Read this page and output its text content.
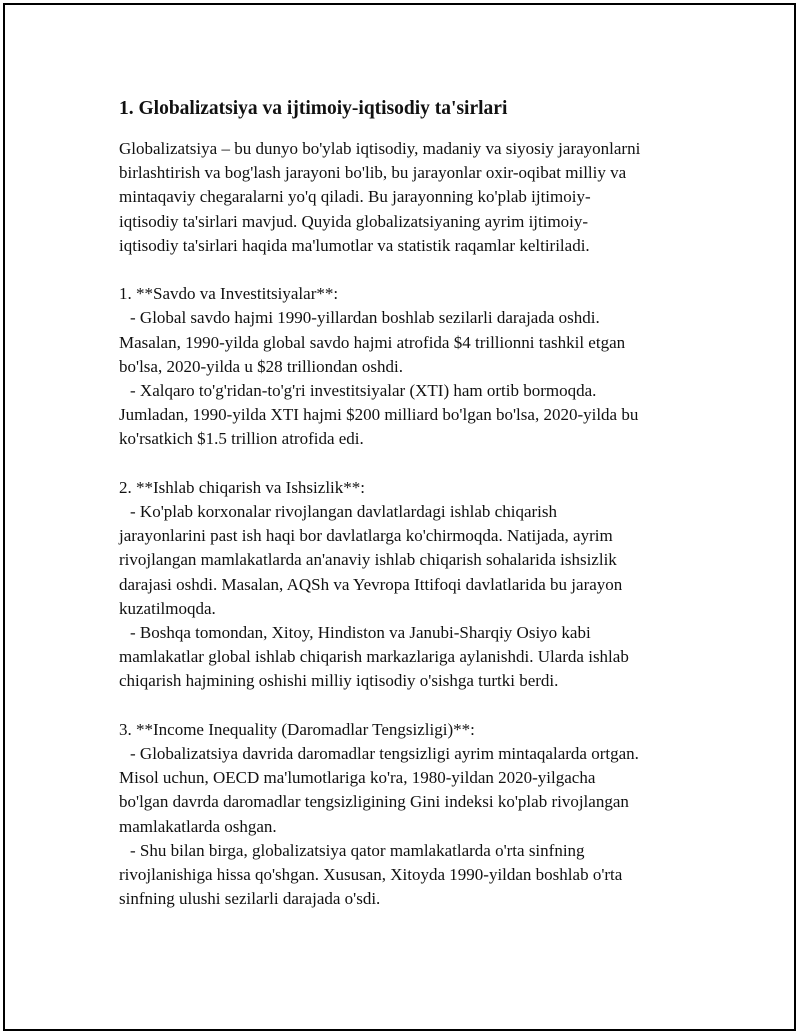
1. Globalizatsiya va ijtimoiy-iqtisodiy ta'sirlari
Globalizatsiya – bu dunyo bo'ylab iqtisodiy, madaniy va siyosiy jarayonlarni
birlashtirish va bog'lash jarayoni bo'lib, bu jarayonlar oxir-oqibat milliy va
mintaqaviy chegaralarni yo'q qiladi. Bu jarayonning ko'plab ijtimoiy-
iqtisodiy ta'sirlari mavjud. Quyida globalizatsiyaning ayrim ijtimoiy-
iqtisodiy ta'sirlari haqida ma'lumotlar va statistik raqamlar keltiriladi.
1. **Savdo va Investitsiyalar**:
- Global savdo hajmi 1990-yillardan boshlab sezilarli darajada oshdi.
Masalan, 1990-yilda global savdo hajmi atrofida $4 trillionni tashkil etgan
bo'lsa, 2020-yilda u $28 trilliondan oshdi.
- Xalqaro to'g'ridan-to'g'ri investitsiyalar (XTI) ham ortib bormoqda.
Jumladan, 1990-yilda XTI hajmi $200 milliard bo'lgan bo'lsa, 2020-yilda bu
ko'rsatkich $1.5 trillion atrofida edi.
2. **Ishlab chiqarish va Ishsizlik**:
- Ko'plab korxonalar rivojlangan davlatlardagi ishlab chiqarish
jarayonlarini past ish haqi bor davlatlarga ko'chirmoqda. Natijada, ayrim
rivojlangan mamlakatlarda an'anaviy ishlab chiqarish sohalarida ishsizlik
darajasi oshdi. Masalan, AQSh va Yevropa Ittifoqi davlatlarida bu jarayon
kuzatilmoqda.
- Boshqa tomondan, Xitoy, Hindiston va Janubi-Sharqiy Osiyo kabi
mamlakatlar global ishlab chiqarish markazlariga aylanishdi. Ularda ishlab
chiqarish hajmining oshishi milliy iqtisodiy o'sishga turtki berdi.
3. **Income Inequality (Daromadlar Tengsizligi)**:
- Globalizatsiya davrida daromadlar tengsizligi ayrim mintaqalarda ortgan.
Misol uchun, OECD ma'lumotlariga ko'ra, 1980-yildan 2020-yilgacha
bo'lgan davrda daromadlar tengsizligining Gini indeksi ko'plab rivojlangan
mamlakatlarda oshgan.
- Shu bilan birga, globalizatsiya qator mamlakatlarda o'rta sinfning
rivojlanishiga hissa qo'shgan. Xususan, Xitoyda 1990-yildan boshlab o'rta
sinfning ulushi sezilarli darajada o'sdi.
